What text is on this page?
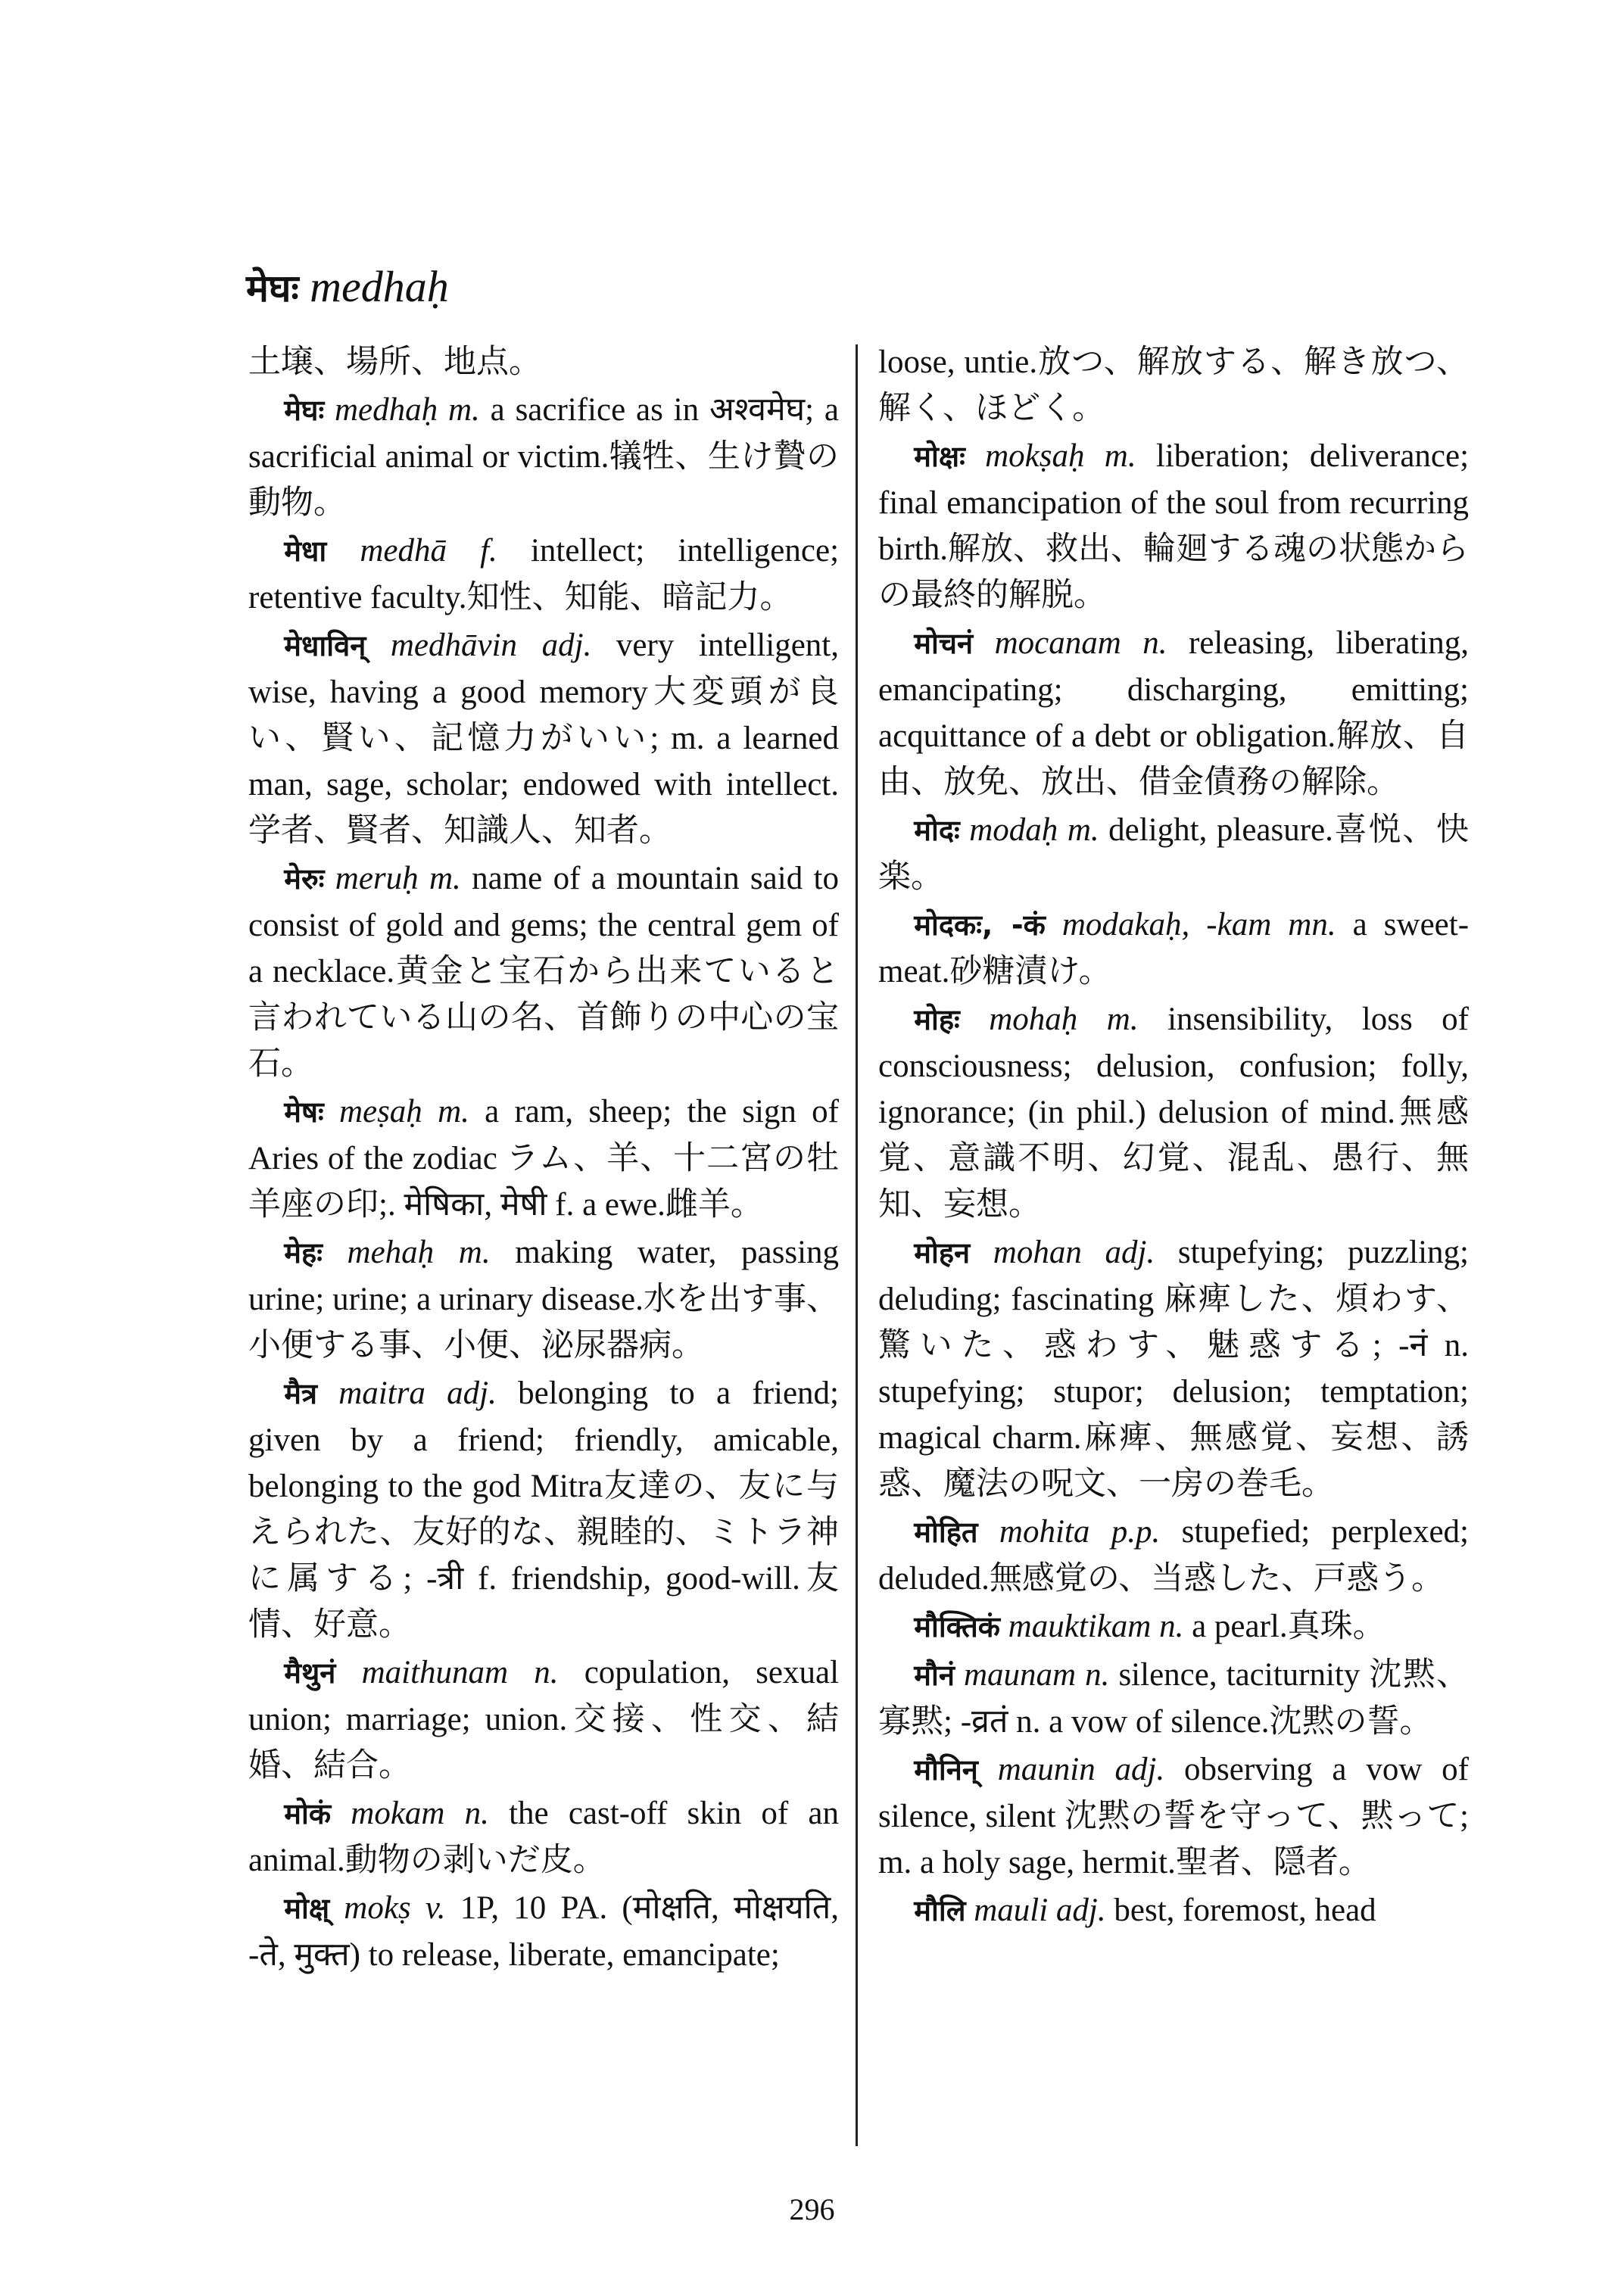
मेघः medhaḥ

土壌、場所、地点。

मेघः medhaḥ m. a sacrifice as in अश्वमेघ; a sacrificial animal or victim.犠牲、生け贄の動物。

मेधा medhā f. intellect; intelligence; retentive faculty.知性、知能、暗記力。

मेधाविन् medhāvin adj. very intelligent, wise, having a good memory大変頭が良い、賢い、記憶力がいい; m. a learned man, sage, scholar; endowed with intellect.学者、賢者、知識人、知者。

मेरुः meruḥ m. name of a mountain said to consist of gold and gems; the central gem of a necklace.黄金と宝石から出来ていると言われている山の名、首飾りの中心の宝石。

मेषः meṣaḥ m. a ram, sheep; the sign of Aries of the zodiac ラム、羊、十二宮の牡羊座の印;. मेषिका, मेषी f. a ewe.雌羊。

मेहः mehaḥ m. making water, passing urine; urine; a urinary disease.水を出す事、小便する事、小便、泌尿器病。

मैत्र maitra adj. belonging to a friend; given by a friend; friendly, amicable, belonging to the god Mitra友達の、友に与えられた、友好的な、親睦的、ミトラ神に属する; -त्री f. friendship, good-will.友情、好意。

मैथुनं maithunam n. copulation, sexual union; marriage; union.交接、性交、結婚、結合。

मोकं mokam n. the cast-off skin of an animal.動物の剥いだ皮。

मोक्ष् mokṣ v. 1P, 10 PA. (मोक्षति, मोक्षयति, -ते, मुक्त) to release, liberate, emancipate;

loose, untie.放つ、解放する、解き放つ、解く、ほどく。

मोक्षः mokṣaḥ m. liberation; deliverance; final emancipation of the soul from recurring birth.解放、救出、輪廻する魂の状態からの最終的解脱。

मोचनं mocanam n. releasing, liberating, emancipating; discharging, emitting; acquittance of a debt or obligation.解放、自由、放免、放出、借金債務の解除。

मोदः modaḥ m. delight, pleasure.喜悦、快楽。

मोदकः, -कं modakaḥ, -kam mn. a sweet-meat.砂糖漬け。

मोहः mohaḥ m. insensibility, loss of consciousness; delusion, confusion; folly, ignorance; (in phil.) delusion of mind.無感覚、意識不明、幻覚、混乱、愚行、無知、妄想。

मोहन mohan adj. stupefying; puzzling; deluding; fascinating 麻痺した、煩わす、驚いた、惑わす、魅惑する; -नं n. stupefying; stupor; delusion; temptation; magical charm.麻痺、無感覚、妄想、誘惑、魔法の呪文、一房の巻毛。

मोहित mohita p.p. stupefied; perplexed; deluded.無感覚の、当惑した、戸惑う。

मौक्तिकं mauktikam n. a pearl.真珠。

मौनं maunam n. silence, taciturnity 沈黙、寡黙; -व्रतं n. a vow of silence.沈黙の誓。

मौनिन् maunin adj. observing a vow of silence, silent 沈黙の誓を守って、黙って; m. a holy sage, hermit.聖者、隠者。

मौलि mauli adj. best, foremost, head

296
